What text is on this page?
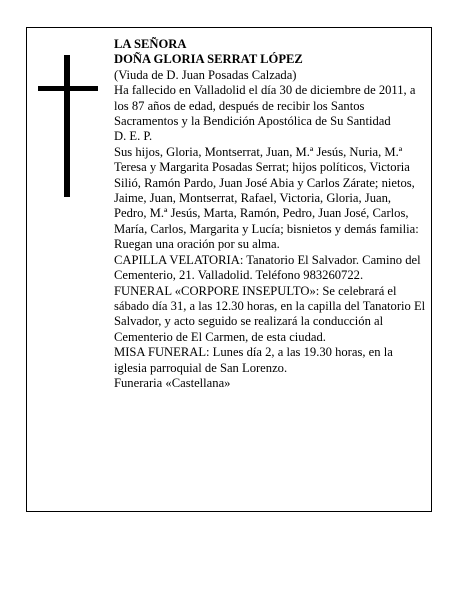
LA SEÑORA

DOÑA GLORIA SERRAT LÓPEZ

(Viuda de D. Juan Posadas Calzada)

Ha fallecido en Valladolid el día 30 de diciembre de 2011, a los 87 años de edad, después de recibir los Santos Sacramentos y la Bendición Apostólica de Su Santidad

D. E. P.

Sus hijos, Gloria, Montserrat, Juan, M.ª Jesús, Nuria, M.ª Teresa y Margarita Posadas Serrat; hijos políticos, Victoria Silió, Ramón Pardo, Juan José Abia y Carlos Zárate; nietos, Jaime, Juan, Montserrat, Rafael, Victoria, Gloria, Juan, Pedro, M.ª Jesús, Marta, Ramón, Pedro, Juan José, Carlos, María, Carlos, Margarita y Lucía; bisnietos y demás familia:

Ruegan una oración por su alma.

CAPILLA VELATORIA: Tanatorio El Salvador. Camino del Cementerio, 21. Valladolid. Teléfono 983260722.

FUNERAL «CORPORE INSEPULTO»: Se celebrará el sábado día 31, a las 12.30 horas, en la capilla del Tanatorio El Salvador, y acto seguido se realizará la conducción al Cementerio de El Carmen, de esta ciudad.

MISA FUNERAL: Lunes día 2, a las 19.30 horas, en la iglesia parroquial de San Lorenzo.

Funeraria «Castellana»
